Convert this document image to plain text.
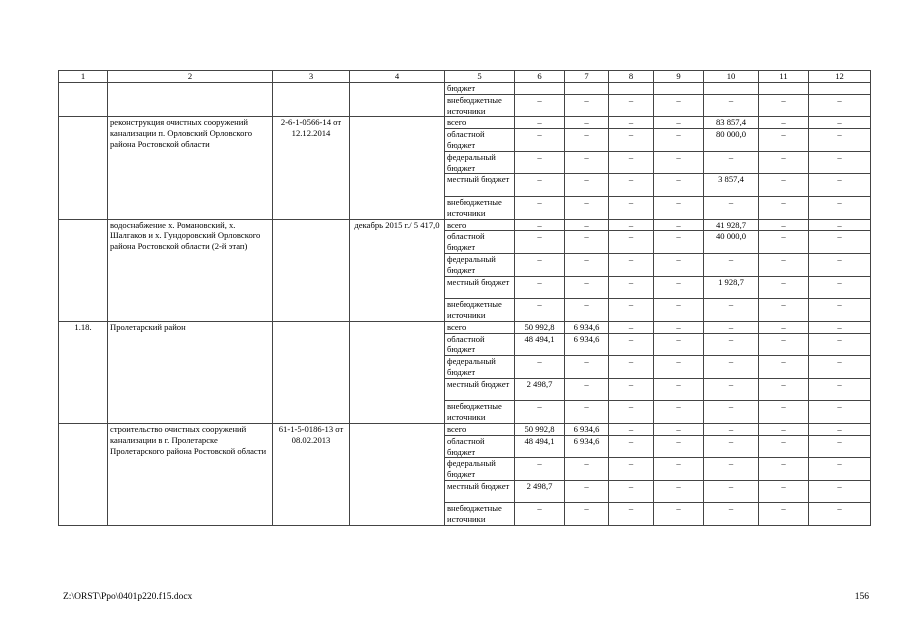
1	2	3	4	5	6	7	8	9	10	11	12
				бюджет							
				внебюджетные источники	–	–	–	–	–	–	–
	реконструкция очистных сооружений канализации п. Орловский Орловского района Ростовской области	2-6-1-0566-14 от 12.12.2014		всего	–	–	–	–	83 857,4	–	–
				областной бюджет	–	–	–	–	80 000,0	–	–
				федеральный бюджет	–	–	–	–	–	–	–
				местный бюджет	–	–	–	–	3 857,4	–	–
				внебюджетные источники	–	–	–	–	–	–	–
	водоснабжение х. Романовский, х. Шалгаков и х. Гундоровский Орловского района Ростовской области (2-й этап)		декабрь 2015 г./ 5 417,0	всего	–	–	–	–	41 928,7	–	–
				областной бюджет	–	–	–	–	40 000,0	–	–
				федеральный бюджет	–	–	–	–	–	–	–
				местный бюджет	–	–	–	–	1 928,7	–	–
				внебюджетные источники	–	–	–	–	–	–	–
1.18.	Пролетарский район			всего	50 992,8	6 934,6	–	–	–	–	–
				областной бюджет	48 494,1	6 934,6	–	–	–	–	–
				федеральный бюджет	–	–	–	–	–	–	–
				местный бюджет	2 498,7	–	–	–	–	–	–
				внебюджетные источники	–	–	–	–	–	–	–
	строительство очистных сооружений канализации в г. Пролетарске Пролетарского района Ростовской области	61-1-5-0186-13 от 08.02.2013		всего	50 992,8	6 934,6	–	–	–	–	–
				областной бюджет	48 494,1	6 934,6	–	–	–	–	–
				федеральный бюджет	–	–	–	–	–	–	–
				местный бюджет	2 498,7	–	–	–	–	–	–
				внебюджетные источники	–	–	–	–	–	–	–
Z:\ORST\Ppo\0401p220.f15.docx	156
